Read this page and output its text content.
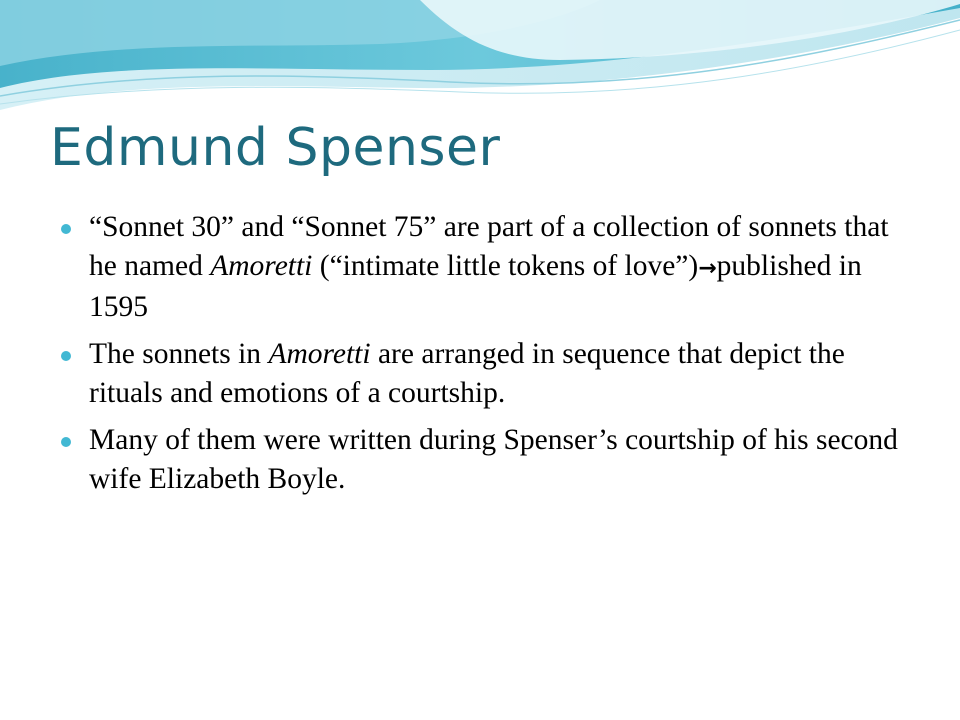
Edmund Spenser
“Sonnet 30” and “Sonnet 75” are part of a collection of sonnets that he named Amoretti (“intimate little tokens of love”)→published in 1595
The sonnets in Amoretti are arranged in sequence that depict the rituals and emotions of a courtship.
Many of them were written during Spenser’s courtship of his second wife Elizabeth Boyle.
